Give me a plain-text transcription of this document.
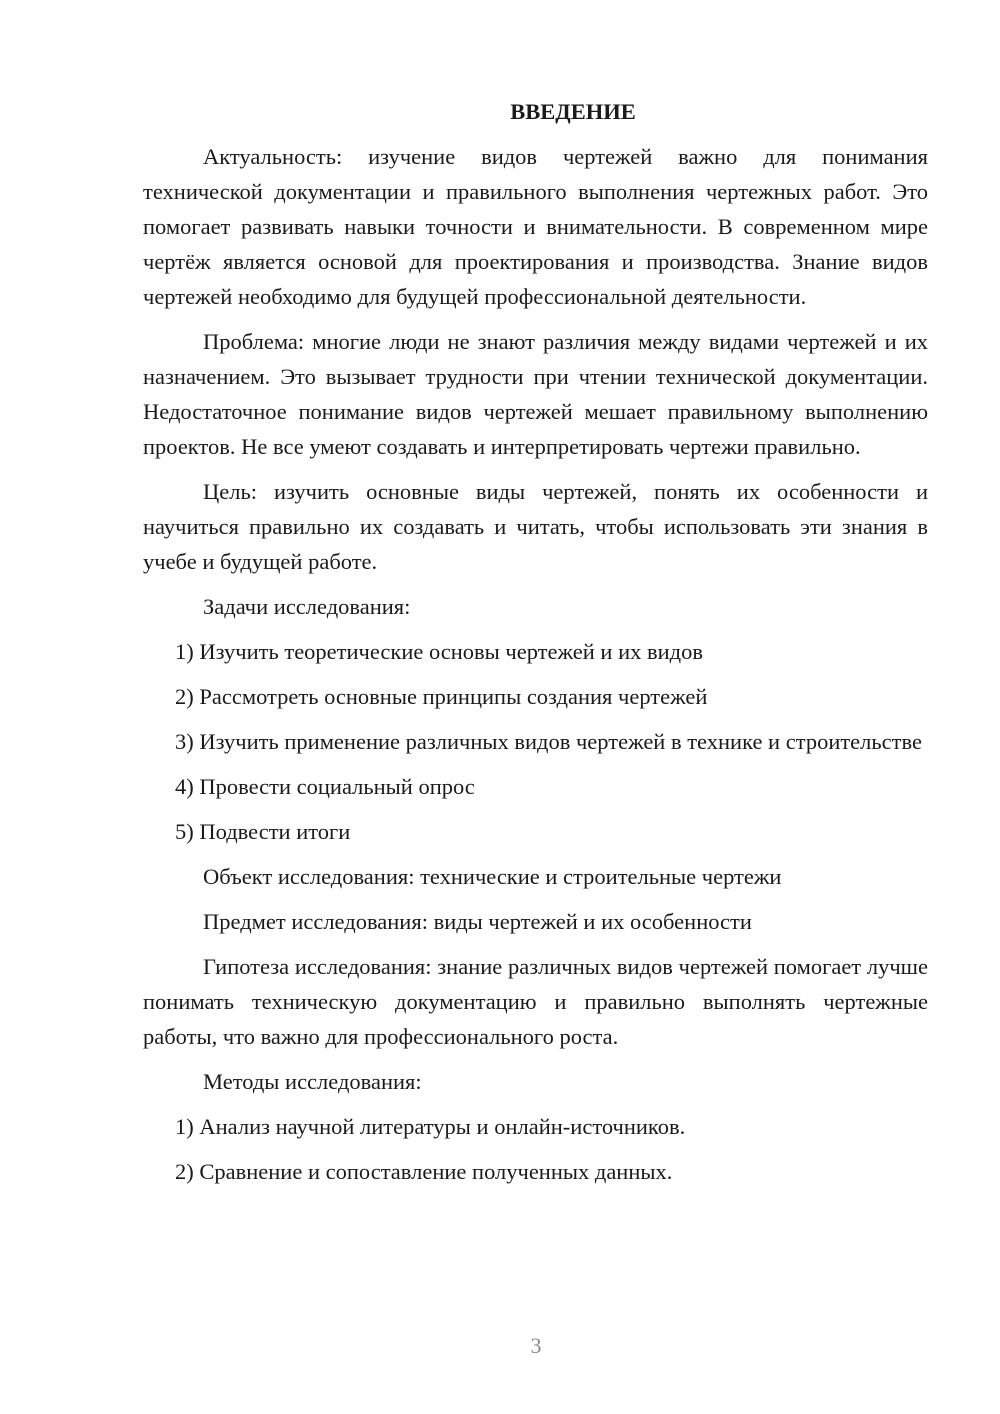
ВВЕДЕНИЕ

Актуальность: изучение видов чертежей важно для понимания технической документации и правильного выполнения чертежных работ. Это помогает развивать навыки точности и внимательности. В современном мире чертёж является основой для проектирования и производства. Знание видов чертежей необходимо для будущей профессиональной деятельности.

Проблема: многие люди не знают различия между видами чертежей и их назначением. Это вызывает трудности при чтении технической документации. Недостаточное понимание видов чертежей мешает правильному выполнению проектов. Не все умеют создавать и интерпретировать чертежи правильно.

Цель: изучить основные виды чертежей, понять их особенности и научиться правильно их создавать и читать, чтобы использовать эти знания в учебе и будущей работе.

Задачи исследования:

1) Изучить теоретические основы чертежей и их видов

2) Рассмотреть основные принципы создания чертежей

3) Изучить применение различных видов чертежей в технике и строительстве

4) Провести социальный опрос

5) Подвести итоги

Объект исследования: технические и строительные чертежи

Предмет исследования: виды чертежей и их особенности

Гипотеза исследования: знание различных видов чертежей помогает лучше понимать техническую документацию и правильно выполнять чертежные работы, что важно для профессионального роста.

Методы исследования:

1) Анализ научной литературы и онлайн-источников.

2) Сравнение и сопоставление полученных данных.

3
